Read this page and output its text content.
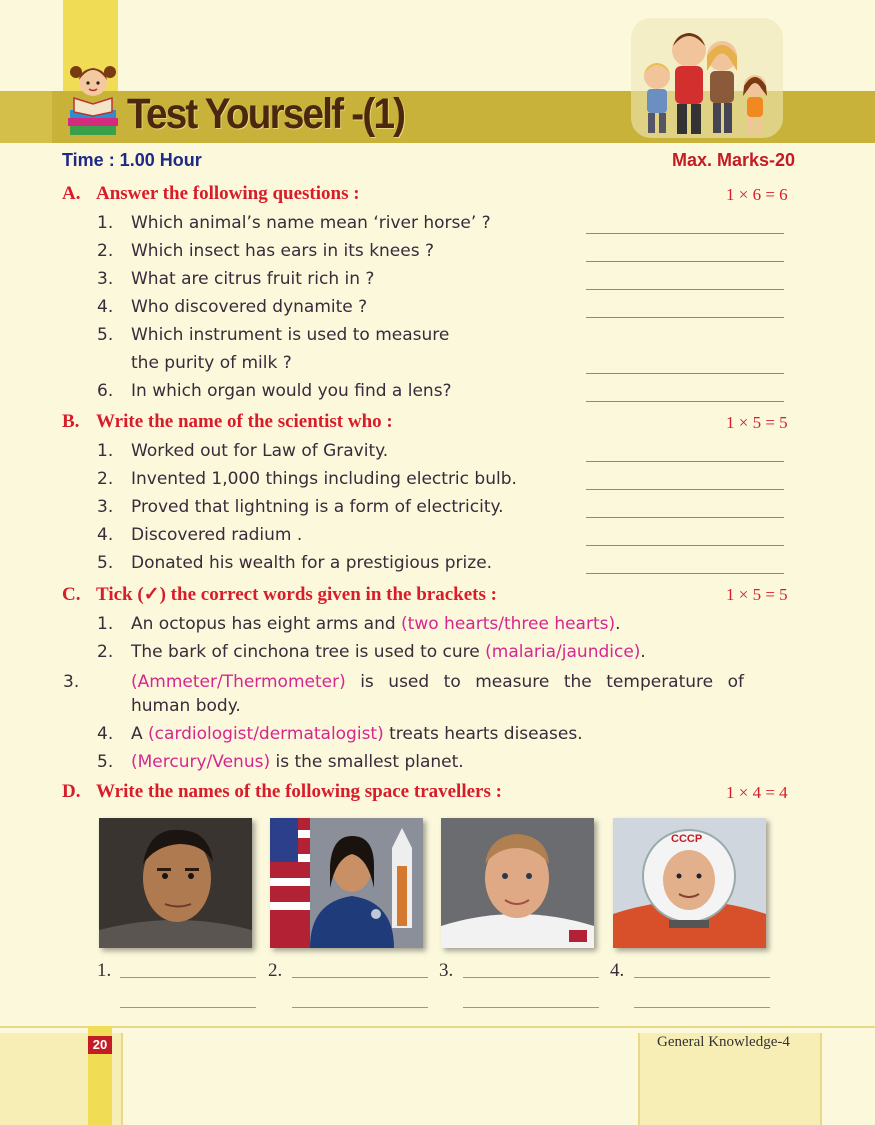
Test Yourself -(1)
Time : 1.00 Hour	Max. Marks-20
A. Answer the following questions :	1 × 6 = 6
1. Which animal’s name mean ‘river horse’ ?
2. Which insect has ears in its knees ?
3. What are citrus fruit rich in ?
4. Who discovered dynamite ?
5. Which instrument is used to measure
the purity of milk ?
6. In which organ would you find a lens?
B. Write the name of the scientist who :	1 × 5 = 5
1. Worked out for Law of Gravity.
2. Invented 1,000 things including electric bulb.
3. Proved that lightning is a form of electricity.
4. Discovered radium .
5. Donated his wealth for a prestigious prize.
C. Tick (✓) the correct words given in the brackets :	1 × 5 = 5
1. An octopus has eight arms and (two hearts/three hearts).
2. The bark of cinchona tree is used to cure (malaria/jaundice).
3.	(Ammeter/Thermometer) is used to measure the temperature of human body.
4. A (cardiologist/dermatalogist) treats hearts diseases.
5. (Mercury/Venus) is the smallest planet.
D. Write the names of the following space travellers :	1 × 4 = 4
CCCP
1.	2.	3.	4.
20	General Knowledge-4
